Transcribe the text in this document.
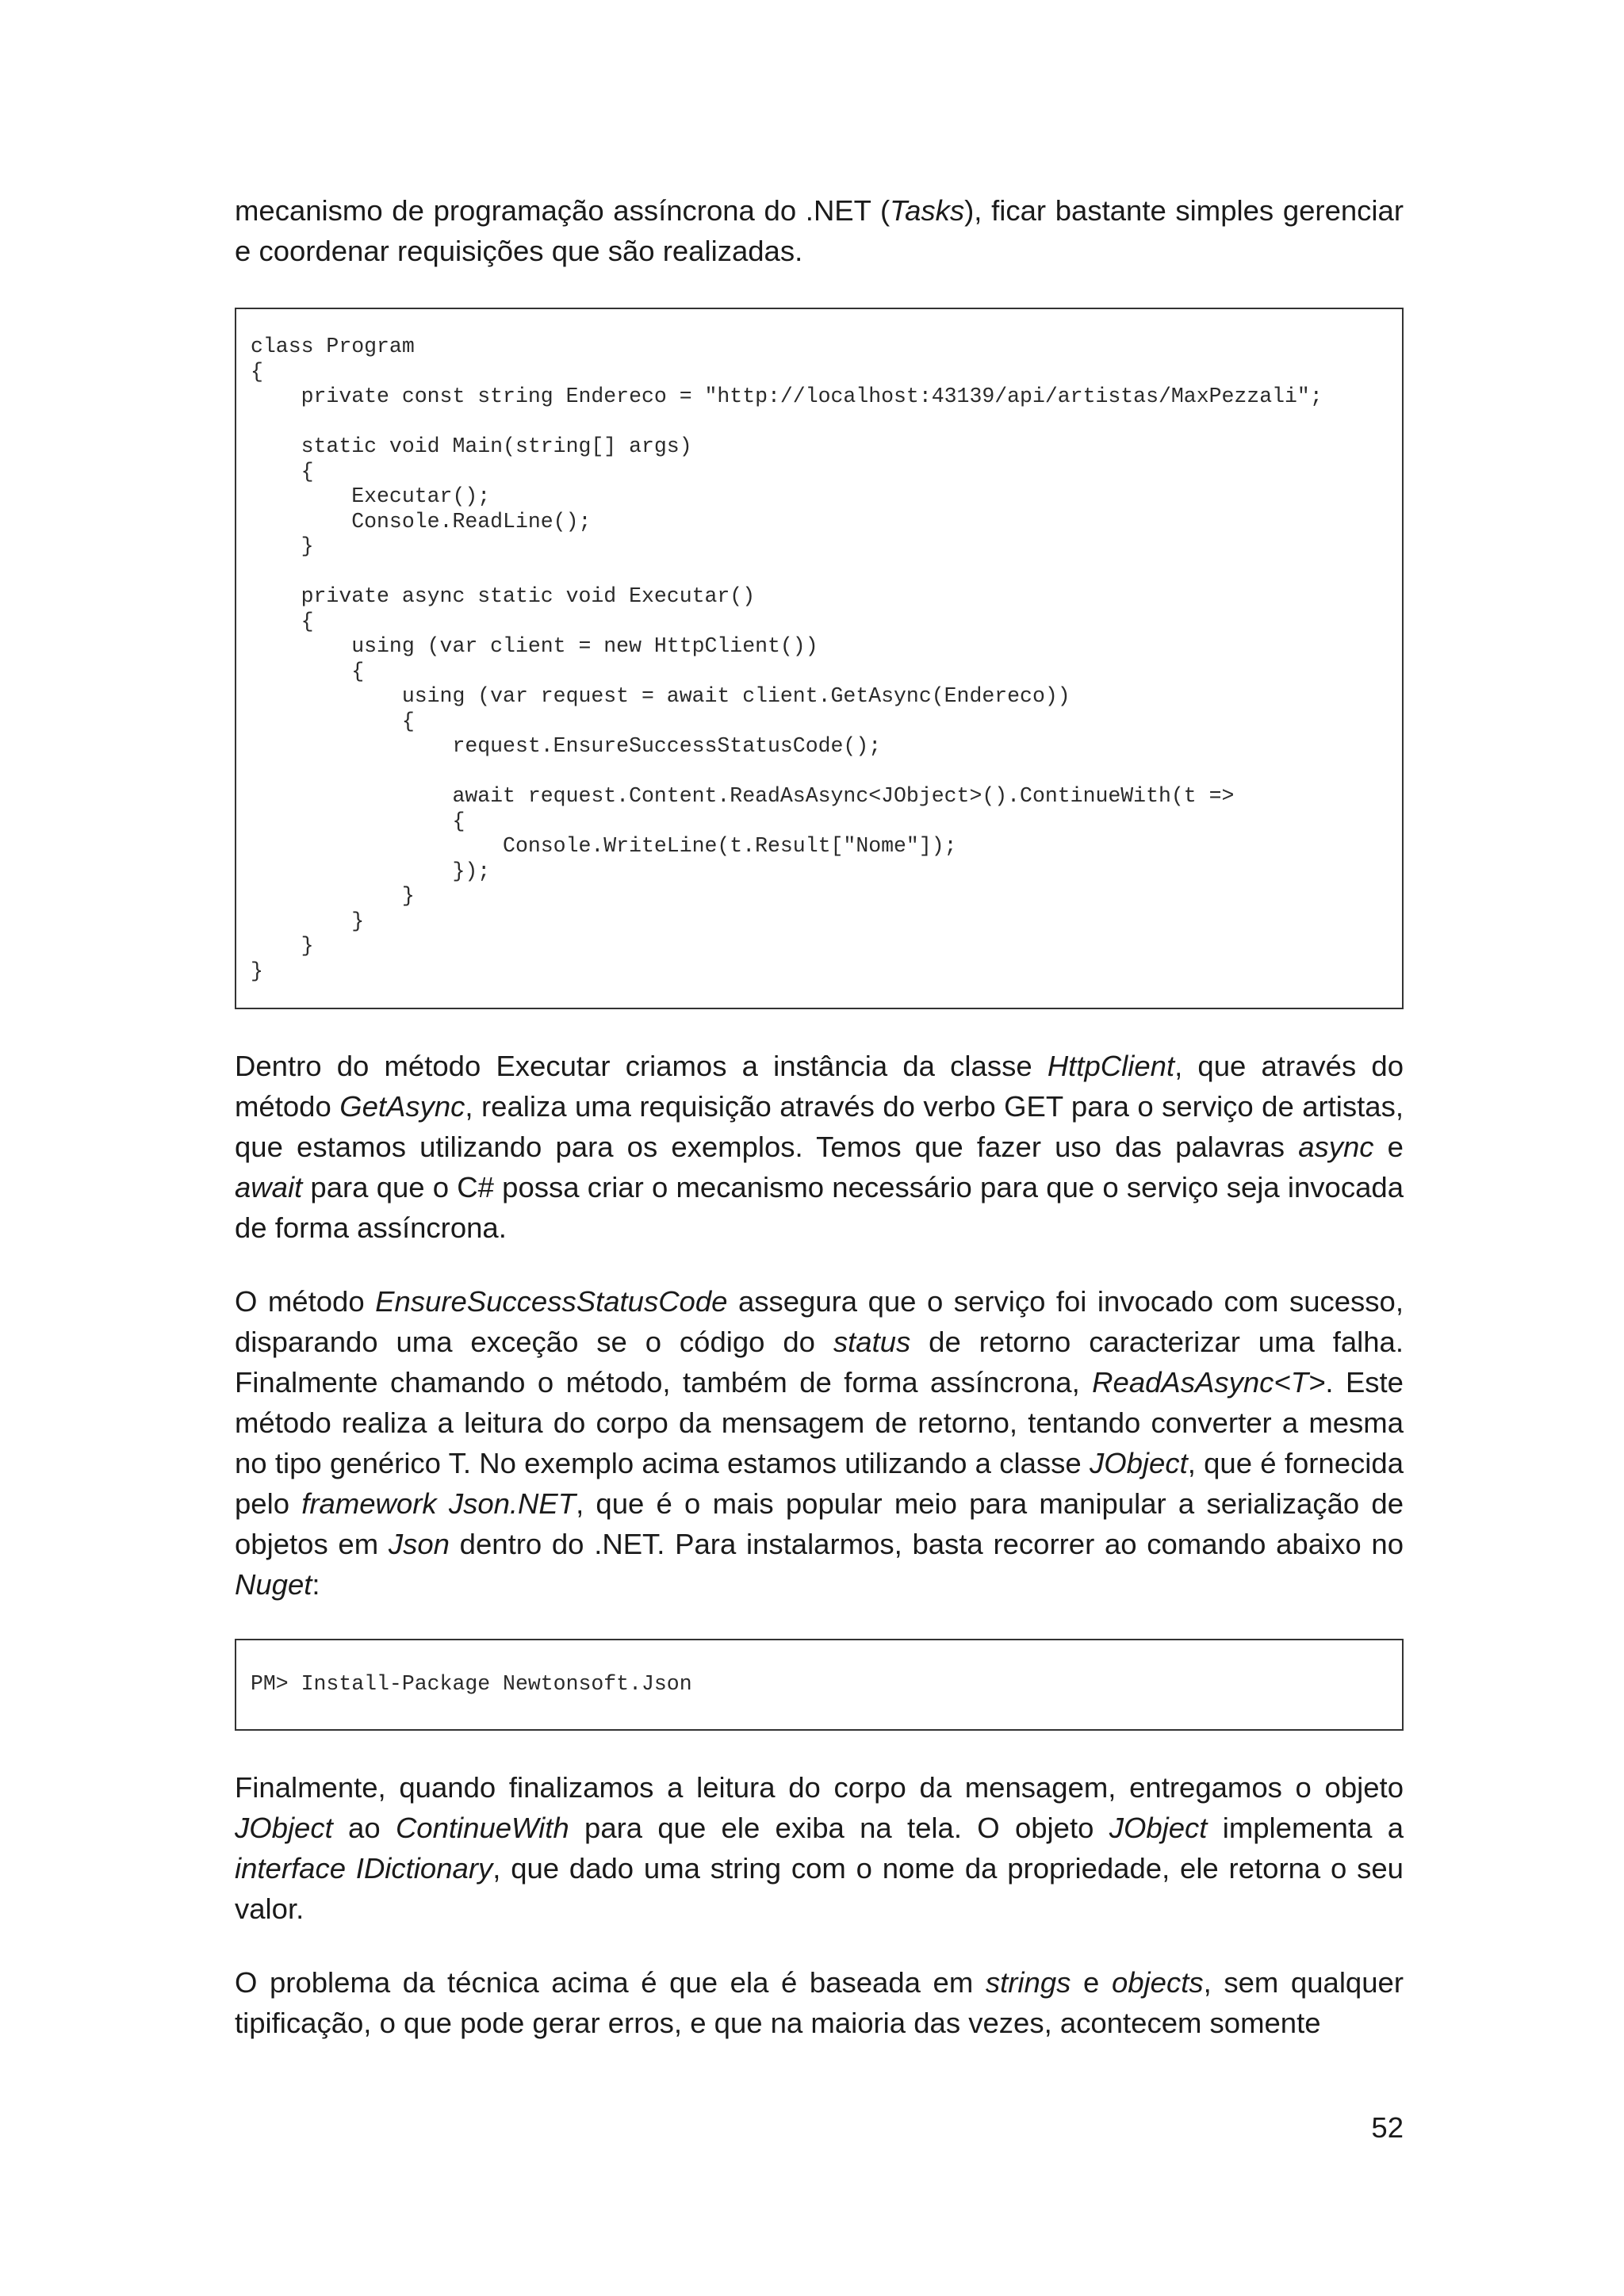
mecanismo de programação assíncrona do .NET (Tasks), ficar bastante simples gerenciar e coordenar requisições que são realizadas.

class Program
{
private const string Endereco = "http://localhost:43139/api/artistas/MaxPezzali";
static void Main(string[] args)
{
Executar();
Console.ReadLine();
}
private async static void Executar()
{
using (var client = new HttpClient())
{
using (var request = await client.GetAsync(Endereco))
{
request.EnsureSuccessStatusCode();
await request.Content.ReadAsAsync<JObject>().ContinueWith(t =>
{
Console.WriteLine(t.Result["Nome"]);
});
}
}
}
}

Dentro do método Executar criamos a instância da classe HttpClient, que através do método GetAsync, realiza uma requisição através do verbo GET para o serviço de artistas, que estamos utilizando para os exemplos. Temos que fazer uso das palavras async e await para que o C# possa criar o mecanismo necessário para que o serviço seja invocada de forma assíncrona.

O método EnsureSuccessStatusCode assegura que o serviço foi invocado com sucesso, disparando uma exceção se o código do status de retorno caracterizar uma falha. Finalmente chamando o método, também de forma assíncrona, ReadAsAsync<T>. Este método realiza a leitura do corpo da mensagem de retorno, tentando converter a mesma no tipo genérico T. No exemplo acima estamos utilizando a classe JObject, que é fornecida pelo framework Json.NET, que é o mais popular meio para manipular a serialização de objetos em Json dentro do .NET. Para instalarmos, basta recorrer ao comando abaixo no Nuget:

PM> Install-Package Newtonsoft.Json

Finalmente, quando finalizamos a leitura do corpo da mensagem, entregamos o objeto JObject ao ContinueWith para que ele exiba na tela. O objeto JObject implementa a interface IDictionary, que dado uma string com o nome da propriedade, ele retorna o seu valor.

O problema da técnica acima é que ela é baseada em strings e objects, sem qualquer tipificação, o que pode gerar erros, e que na maioria das vezes, acontecem somente

52
